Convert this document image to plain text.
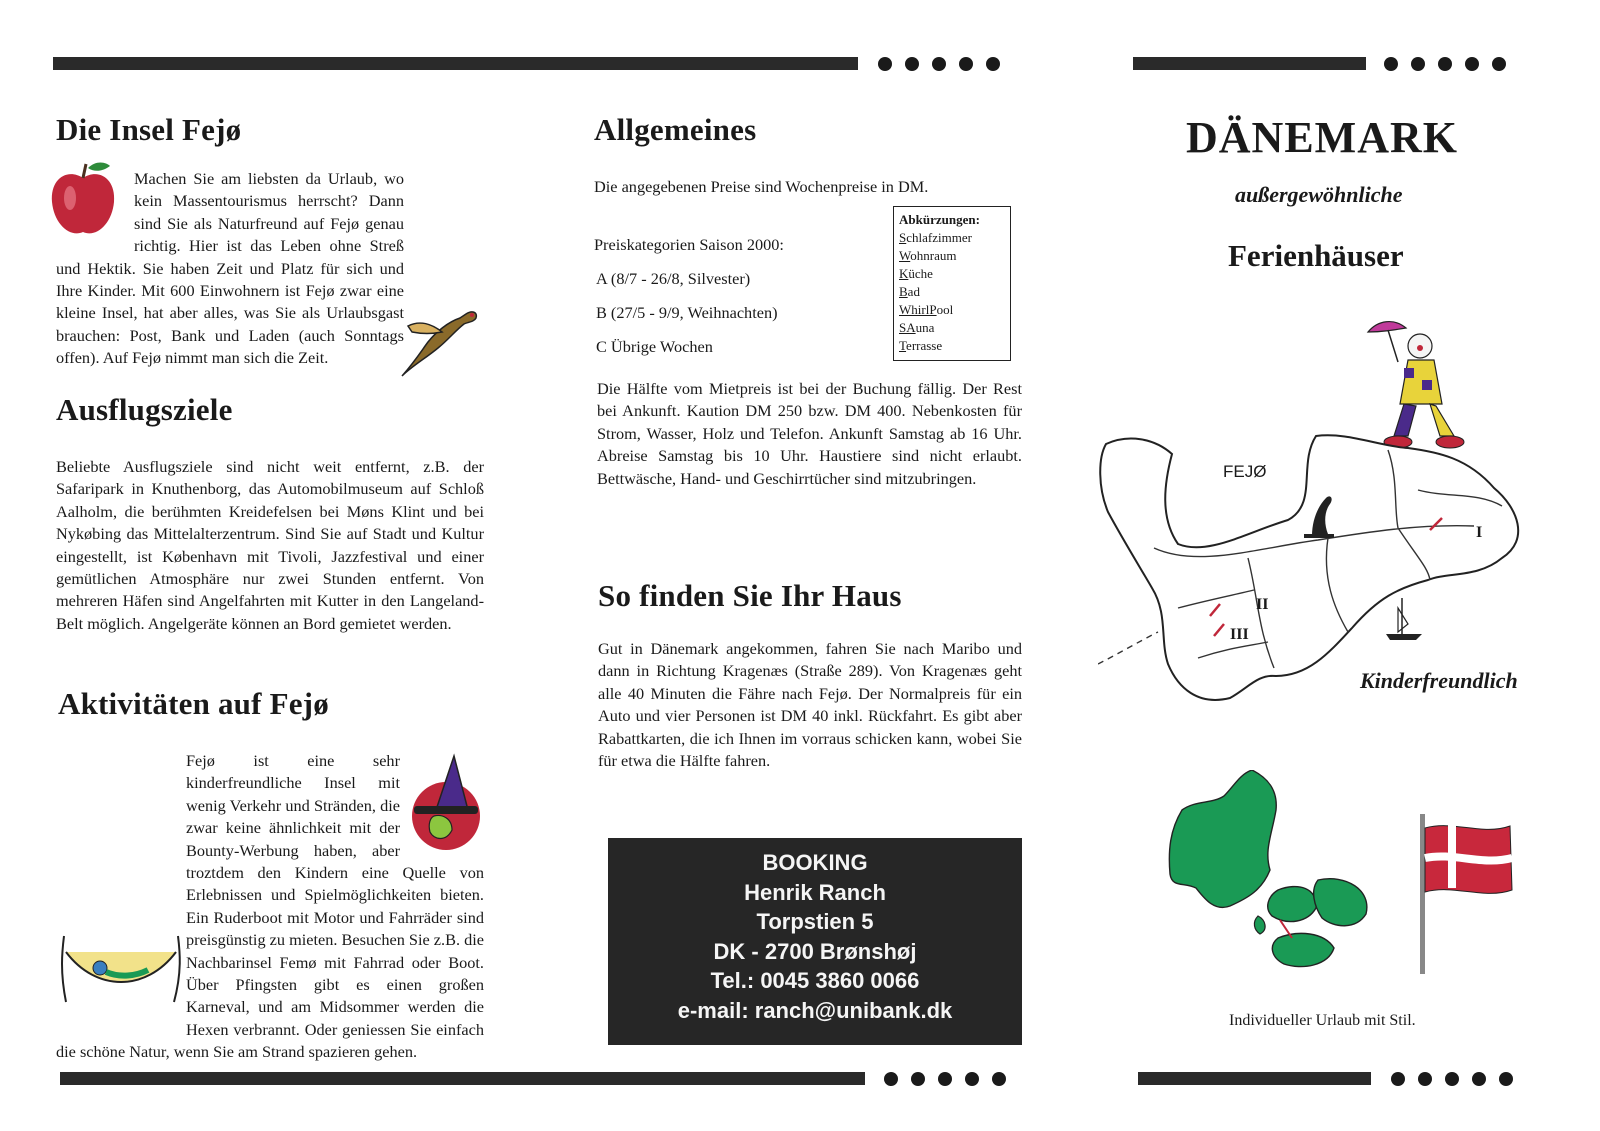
Die Insel Fejø

Machen Sie am liebsten da Urlaub, wo kein Massentourismus herrscht? Dann sind Sie als Naturfreund auf Fejø genau richtig. Hier ist das Leben ohne Streß und Hektik. Sie haben Zeit und Platz für sich und Ihre Kinder. Mit 600 Einwohnern ist Fejø zwar eine kleine Insel, hat aber alles, was Sie als Urlaubsgast brauchen: Post, Bank und Laden (auch Sonntags offen). Auf Fejø nimmt man sich die Zeit.

Ausflugsziele

Beliebte Ausflugsziele sind nicht weit entfernt, z.B. der Safaripark in Knuthenborg, das Automobilmuseum auf Schloß Aalholm, die berühmten Kreidefelsen bei Møns Klint und bei Nykøbing das Mittelalterzentrum. Sind Sie auf Stadt und Kultur eingestellt, ist København mit Tivoli, Jazzfestival und einer gemütlichen Atmosphäre nur zwei Stunden entfernt. Von mehreren Häfen sind Angelfahrten mit Kutter in den Langeland-Belt möglich. Angelgeräte können an Bord gemietet werden.

Aktivitäten auf Fejø

Fejø ist eine sehr kinderfreundliche Insel mit wenig Verkehr und Stränden, die zwar keine ähnlichkeit mit der Bounty-Werbung haben, aber troztdem den Kindern eine Quelle von Erlebnissen und Spielmöglichkeiten bieten. Ein Ruderboot mit Motor und Fahrräder sind preisgünstig zu mieten. Besuchen Sie z.B. die Nachbarinsel Femø mit Fahrrad oder Boot. Über Pfingsten gibt es einen großen Karneval, und am Midsommer werden die Hexen verbrannt. Oder geniessen Sie einfach die schöne Natur, wenn Sie am Strand spazieren gehen.

Allgemeines
Die angegebenen Preise sind Wochenpreise in DM.
Preiskategorien Saison 2000:
A (8/7 - 26/8, Silvester)
B (27/5 - 9/9, Weihnachten)
C Übrige Wochen
Abkürzungen:
Schlafzimmer
Wohnraum
Küche
Bad
WhirlPool
SAuna
Terrasse

Die Hälfte vom Mietpreis ist bei der Buchung fällig. Der Rest bei Ankunft. Kaution DM 250 bzw. DM 400. Nebenkosten für Strom, Wasser, Holz und Telefon. Ankunft Samstag ab 16 Uhr. Abreise Samstag bis 10 Uhr. Haustiere sind nicht erlaubt. Bettwäsche, Hand- und Geschirrtücher sind mitzubringen.

So finden Sie Ihr Haus

Gut in Dänemark angekommen, fahren Sie nach Maribo und dann in Richtung Kragenæs (Straße 289). Von Kragenæs geht alle 40 Minuten die Fähre nach Fejø. Der Normalpreis für ein Auto und vier Personen ist DM 40 inkl. Rückfahrt. Es gibt aber Rabattkarten, die ich Ihnen im vorraus schicken kann, wobei Sie für etwa die Hälfte fahren.

BOOKING
Henrik Ranch
Torpstien 5
DK - 2700 Brønshøj
Tel.: 0045 3860 0066
e-mail: ranch@unibank.dk
DÄNEMARK
außergewöhnliche
Ferienhäuser
FEJØ
I
II
III
Kinderfreundlich
Individueller Urlaub mit Stil.
